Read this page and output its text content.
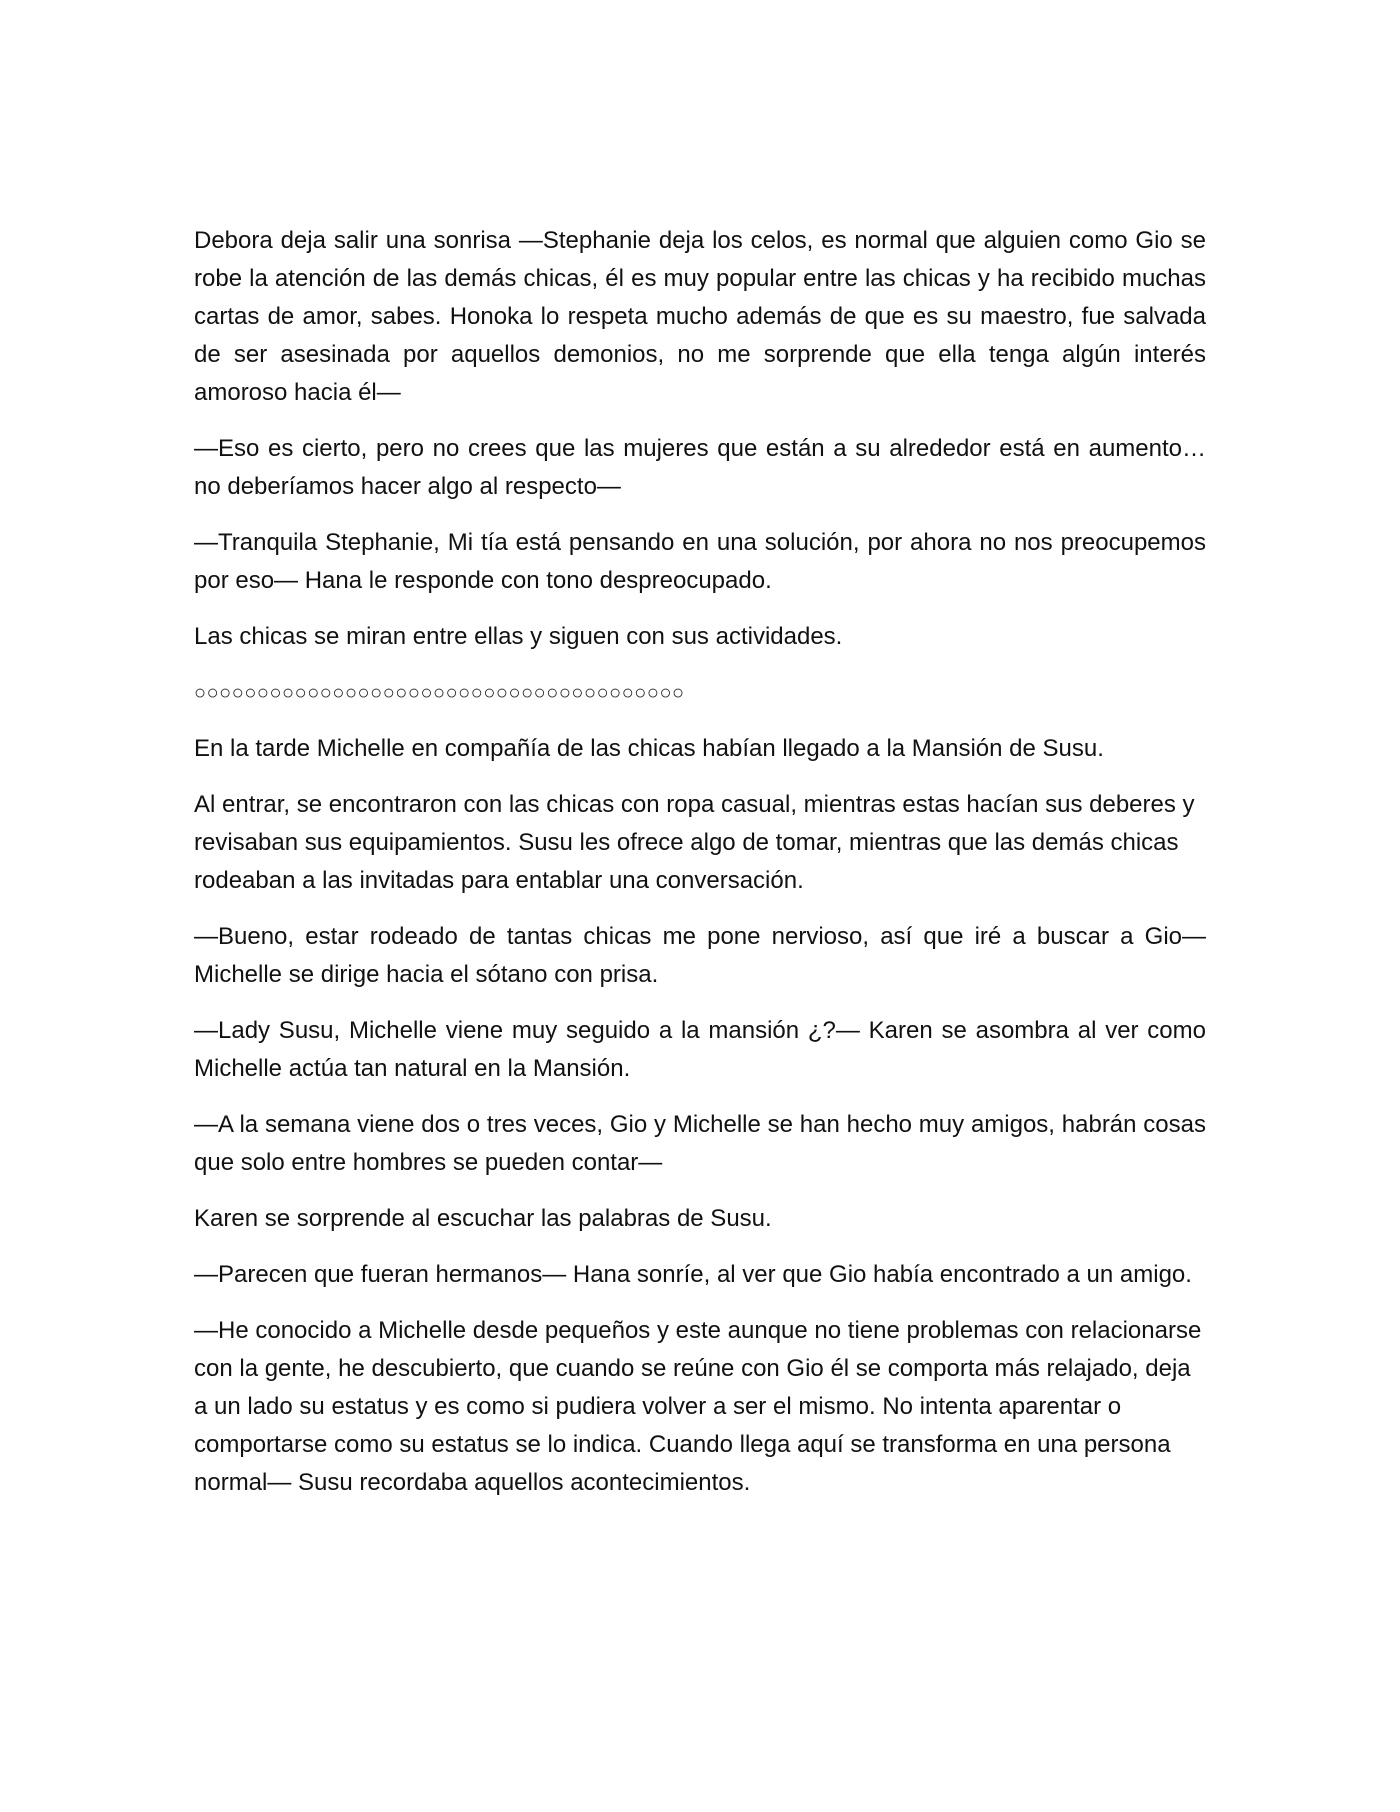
Debora deja salir una sonrisa —Stephanie deja los celos, es normal que alguien como Gio se robe la atención de las demás chicas, él es muy popular entre las chicas y ha recibido muchas cartas de amor, sabes. Honoka lo respeta mucho además de que es su maestro, fue salvada de ser asesinada por aquellos demonios, no me sorprende que ella tenga algún interés amoroso hacia él—

—Eso es cierto, pero no crees que las mujeres que están a su alrededor está en aumento… no deberíamos hacer algo al respecto—

—Tranquila Stephanie, Mi tía está pensando en una solución, por ahora no nos preocupemos por eso— Hana le responde con tono despreocupado.

Las chicas se miran entre ellas y siguen con sus actividades.

○○○○○○○○○○○○○○○○○○○○○○○○○○○○○○○○○○○○○○○

En la tarde Michelle en compañía de las chicas habían llegado a la Mansión de Susu.

Al entrar, se encontraron con las chicas con ropa casual, mientras estas hacían sus deberes y revisaban sus equipamientos. Susu les ofrece algo de tomar, mientras que las demás chicas rodeaban a las invitadas para entablar una conversación.

—Bueno, estar rodeado de tantas chicas me pone nervioso, así que iré a buscar a Gio— Michelle se dirige hacia el sótano con prisa.

—Lady Susu, Michelle viene muy seguido a la mansión ¿?— Karen se asombra al ver como Michelle actúa tan natural en la Mansión.

—A la semana viene dos o tres veces, Gio y Michelle se han hecho muy amigos, habrán cosas que solo entre hombres se pueden contar—

Karen se sorprende al escuchar las palabras de Susu.

—Parecen que fueran hermanos— Hana sonríe, al ver que Gio había encontrado a un amigo.

—He conocido a Michelle desde pequeños y este aunque no tiene problemas con relacionarse con la gente, he descubierto, que cuando se reúne con Gio él se comporta más relajado, deja a un lado su estatus y es como si pudiera volver a ser el mismo. No intenta aparentar o comportarse como su estatus se lo indica. Cuando llega aquí se transforma en una persona normal— Susu recordaba aquellos acontecimientos.
